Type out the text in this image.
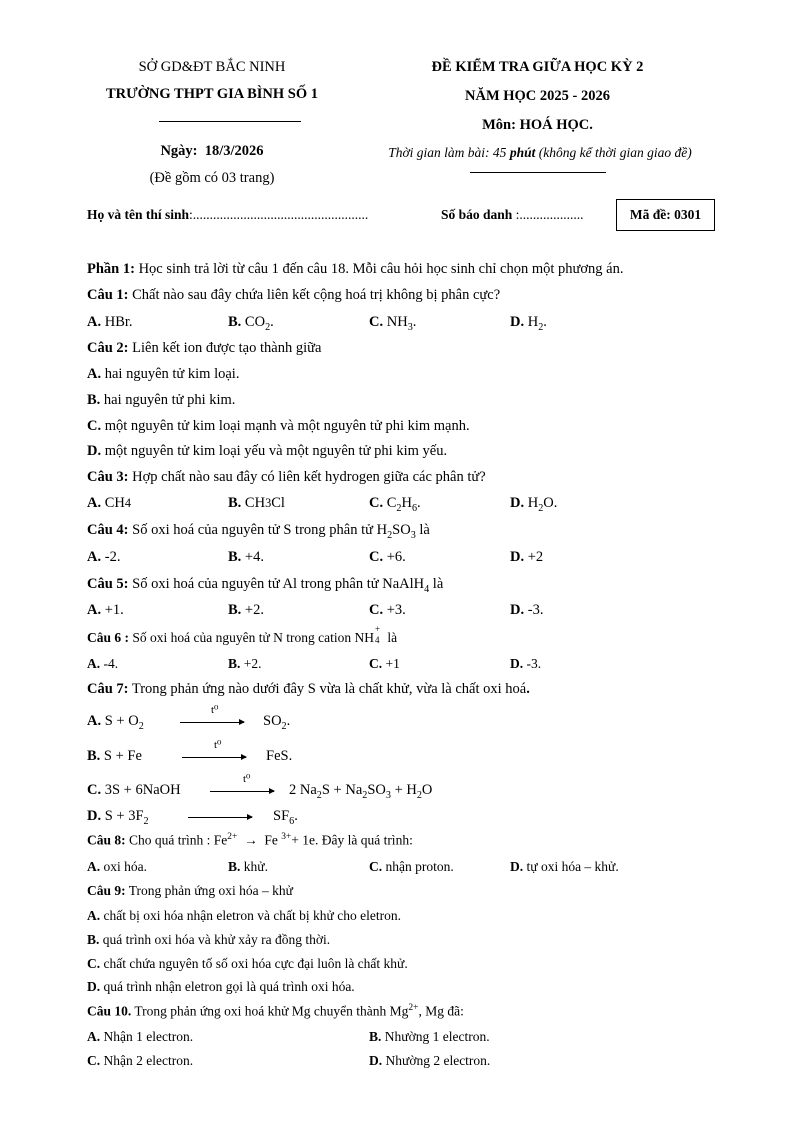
SỞ GD&ĐT BẮC NINH
TRƯỜNG THPT GIA BÌNH SỐ 1
Ngày: 18/3/2026
(Đề gồm có 03 trang)
ĐỀ KIỂM TRA GIỮA HỌC KỲ 2
NĂM HỌC 2025 - 2026
Môn: HOÁ HỌC.
Thời gian làm bài: 45 phút (không kể thời gian giao đề)
Họ và tên thí sinh:....................................................	Số báo danh :...................	Mã đề: 0301
Phần 1: Học sinh trả lời từ câu 1 đến câu 18. Mỗi câu hỏi học sinh chỉ chọn một phương án.
Câu 1: Chất nào sau đây chứa liên kết cộng hoá trị không bị phân cực?
A. HBr.	B. $CO_2$.	C. $NH_3$.	D. $H_2$.
Câu 2: Liên kết ion được tạo thành giữa
A. hai nguyên tử kim loại.
B. hai nguyên tử phi kim.
C. một nguyên tử kim loại mạnh và một nguyên tử phi kim mạnh.
D. một nguyên tử kim loại yếu và một nguyên tử phi kim yếu.
Câu 3: Hợp chất nào sau đây có liên kết hydrogen giữa các phân tử?
A. CH4	B. CH3Cl	C. $C_2H_6$.	D. $H_2O$.
Câu 4: Số oxi hoá của nguyên tử S trong phân tử $H_2SO_3$ là
A. -2.	B. +4.	C. +6.	D. +2
Câu 5: Số oxi hoá của nguyên tử Al trong phân tử NaAlH$_4$ là
A. +1.	B. +2.	C. +3.	D. -3.
Câu 6 : Số oxi hoá của nguyên tử N trong cation NH
+
4 là
A. -4.	B. +2.	C. +1	D. -3.
Câu 7: Trong phản ứng nào dưới đây S vừa là chất khử, vừa là chất oxi hoá.
A. $S + O_2$
t⁰
$SO_2$.
B. S + Fe
t⁰
FeS.
C. 3S + 6NaOH
t⁰
2 $Na_2S + Na_2SO_3 + H_2O$
D. $S + 3F_2$	$SF_6$.
Câu 8: Cho quá trình : $Fe^{2+} \to Fe$ $^{3+}$+ 1e. Đây là quá trình:
A. oxi hóa.	B. khử.	C. nhận proton.	D. tự oxi hóa – khử.
Câu 9: Trong phản ứng oxi hóa – khử
A. chất bị oxi hóa nhận eletron và chất bị khử cho eletron.
B. quá trình oxi hóa và khử xảy ra đồng thời.
C. chất chứa nguyên tố số oxi hóa cực đại luôn là chất khử.
D. quá trình nhận eletron gọi là quá trình oxi hóa.
Câu 10. Trong phản ứng oxi hoá khử Mg chuyển thành $Mg^{2+}$, Mg đã:
A. Nhận 1 electron.	B. Nhường 1 electron.
C. Nhận 2 electron.	D. Nhường 2 electron.
